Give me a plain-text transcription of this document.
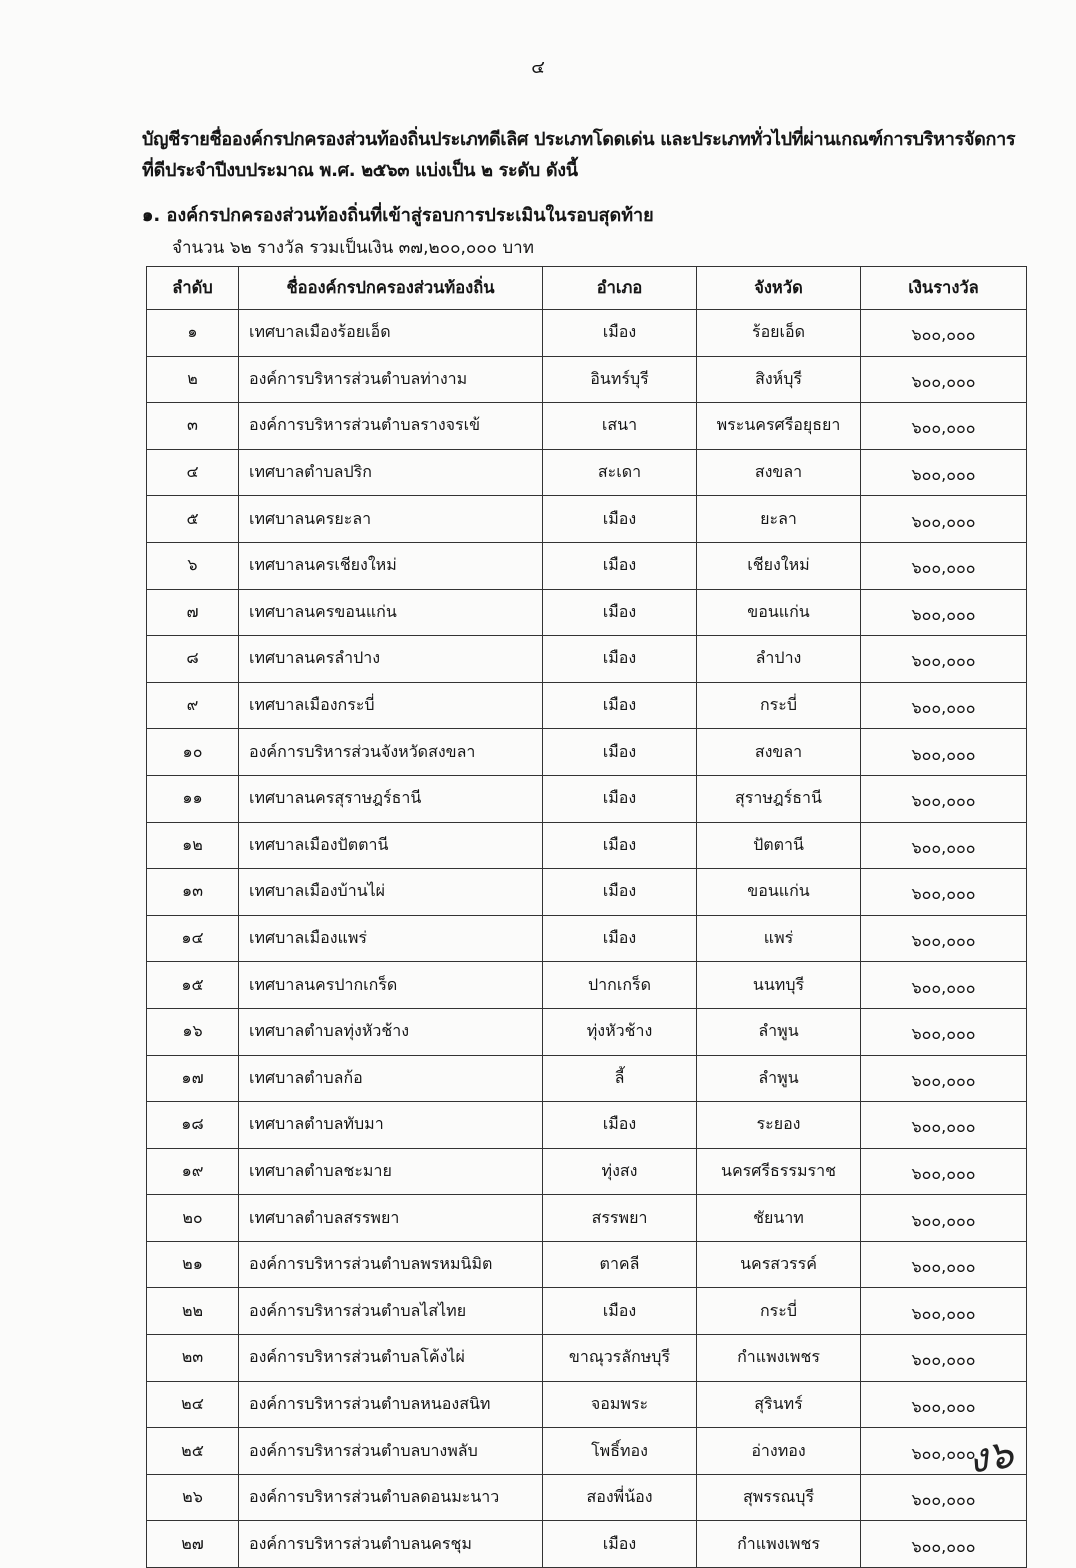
๔
บัญชีรายชื่อองค์กรปกครองส่วนท้องถิ่นประเภทดีเลิศ ประเภทโดดเด่น และประเภททั่วไปที่ผ่านเกณฑ์การบริหารจัดการที่ดีประจำปีงบประมาณ พ.ศ. ๒๕๖๓ แบ่งเป็น ๒ ระดับ ดังนี้
๑. องค์กรปกครองส่วนท้องถิ่นที่เข้าสู่รอบการประเมินในรอบสุดท้าย
จำนวน ๖๒ รางวัล รวมเป็นเงิน ๓๗,๒๐๐,๐๐๐ บาท
ลำดับ	ชื่อองค์กรปกครองส่วนท้องถิ่น	อำเภอ	จังหวัด	เงินรางวัล
๑	เทศบาลเมืองร้อยเอ็ด	เมือง	ร้อยเอ็ด	๖๐๐,๐๐๐
๒	องค์การบริหารส่วนตำบลท่างาม	อินทร์บุรี	สิงห์บุรี	๖๐๐,๐๐๐
๓	องค์การบริหารส่วนตำบลรางจรเข้	เสนา	พระนครศรีอยุธยา	๖๐๐,๐๐๐
๔	เทศบาลตำบลปริก	สะเดา	สงขลา	๖๐๐,๐๐๐
๕	เทศบาลนครยะลา	เมือง	ยะลา	๖๐๐,๐๐๐
๖	เทศบาลนครเชียงใหม่	เมือง	เชียงใหม่	๖๐๐,๐๐๐
๗	เทศบาลนครขอนแก่น	เมือง	ขอนแก่น	๖๐๐,๐๐๐
๘	เทศบาลนครลำปาง	เมือง	ลำปาง	๖๐๐,๐๐๐
๙	เทศบาลเมืองกระบี่	เมือง	กระบี่	๖๐๐,๐๐๐
๑๐	องค์การบริหารส่วนจังหวัดสงขลา	เมือง	สงขลา	๖๐๐,๐๐๐
๑๑	เทศบาลนครสุราษฎร์ธานี	เมือง	สุราษฎร์ธานี	๖๐๐,๐๐๐
๑๒	เทศบาลเมืองปัตตานี	เมือง	ปัตตานี	๖๐๐,๐๐๐
๑๓	เทศบาลเมืองบ้านไผ่	เมือง	ขอนแก่น	๖๐๐,๐๐๐
๑๔	เทศบาลเมืองแพร่	เมือง	แพร่	๖๐๐,๐๐๐
๑๕	เทศบาลนครปากเกร็ด	ปากเกร็ด	นนทบุรี	๖๐๐,๐๐๐
๑๖	เทศบาลตำบลทุ่งหัวช้าง	ทุ่งหัวช้าง	ลำพูน	๖๐๐,๐๐๐
๑๗	เทศบาลตำบลก้อ	ลี้	ลำพูน	๖๐๐,๐๐๐
๑๘	เทศบาลตำบลทับมา	เมือง	ระยอง	๖๐๐,๐๐๐
๑๙	เทศบาลตำบลชะมาย	ทุ่งสง	นครศรีธรรมราช	๖๐๐,๐๐๐
๒๐	เทศบาลตำบลสรรพยา	สรรพยา	ชัยนาท	๖๐๐,๐๐๐
๒๑	องค์การบริหารส่วนตำบลพรหมนิมิต	ตาคลี	นครสวรรค์	๖๐๐,๐๐๐
๒๒	องค์การบริหารส่วนตำบลไสไทย	เมือง	กระบี่	๖๐๐,๐๐๐
๒๓	องค์การบริหารส่วนตำบลโค้งไผ่	ขาณุวรลักษบุรี	กำแพงเพชร	๖๐๐,๐๐๐
๒๔	องค์การบริหารส่วนตำบลหนองสนิท	จอมพระ	สุรินทร์	๖๐๐,๐๐๐
๒๕	องค์การบริหารส่วนตำบลบางพลับ	โพธิ์ทอง	อ่างทอง	๖๐๐,๐๐๐
๒๖	องค์การบริหารส่วนตำบลดอนมะนาว	สองพี่น้อง	สุพรรณบุรี	๖๐๐,๐๐๐
๒๗	องค์การบริหารส่วนตำบลนครชุม	เมือง	กำแพงเพชร	๖๐๐,๐๐๐
ง๖
